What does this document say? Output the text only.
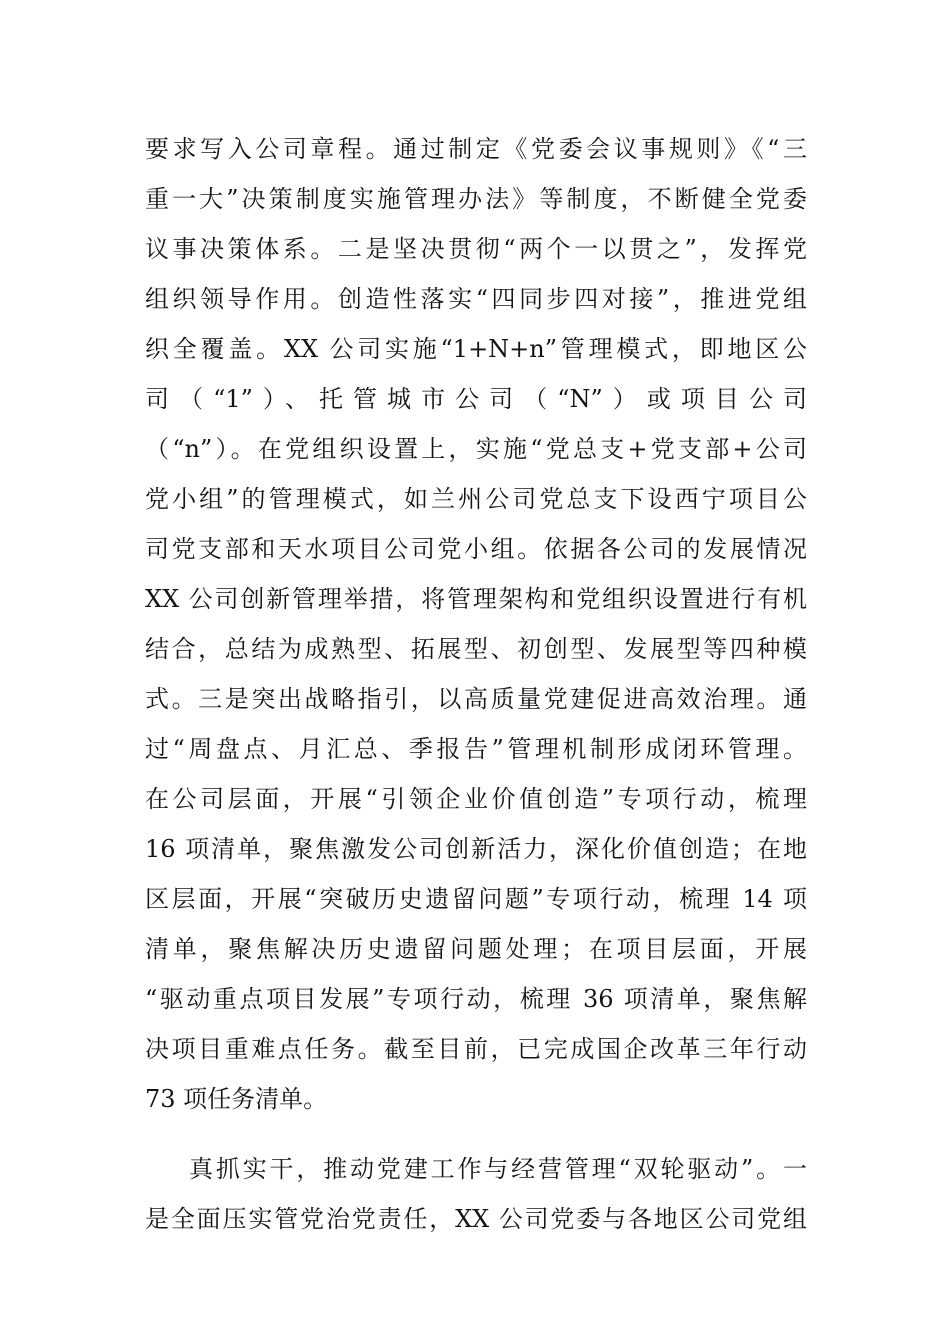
要求写入公司章程。通过制定《党委会议事规则》《“三
重一大”决策制度实施管理办法》等制度，不断健全党委
议事决策体系。二是坚决贯彻“两个一以贯之”，发挥党
组织领导作用。创造性落实“四同步四对接”，推进党组
织全覆盖。XX 公司实施“1+N+n”管理模式，即地区公
司（“1”）、托管城市公司（“N”）或项目公司
（“n”）。在党组织设置上，实施“党总支+党支部+公司
党小组”的管理模式，如兰州公司党总支下设西宁项目公
司党支部和天水项目公司党小组。依据各公司的发展情况
XX 公司创新管理举措，将管理架构和党组织设置进行有机
结合，总结为成熟型、拓展型、初创型、发展型等四种模
式。三是突出战略指引，以高质量党建促进高效治理。通
过“周盘点、月汇总、季报告”管理机制形成闭环管理。
在公司层面，开展“引领企业价值创造”专项行动，梳理
16 项清单，聚焦激发公司创新活力，深化价值创造；在地
区层面，开展“突破历史遗留问题”专项行动，梳理 14 项
清单，聚焦解决历史遗留问题处理；在项目层面，开展
“驱动重点项目发展”专项行动，梳理 36 项清单，聚焦解
决项目重难点任务。截至目前，已完成国企改革三年行动
73 项任务清单。
真抓实干，推动党建工作与经营管理“双轮驱动”。一
是全面压实管党治党责任，XX 公司党委与各地区公司党组
